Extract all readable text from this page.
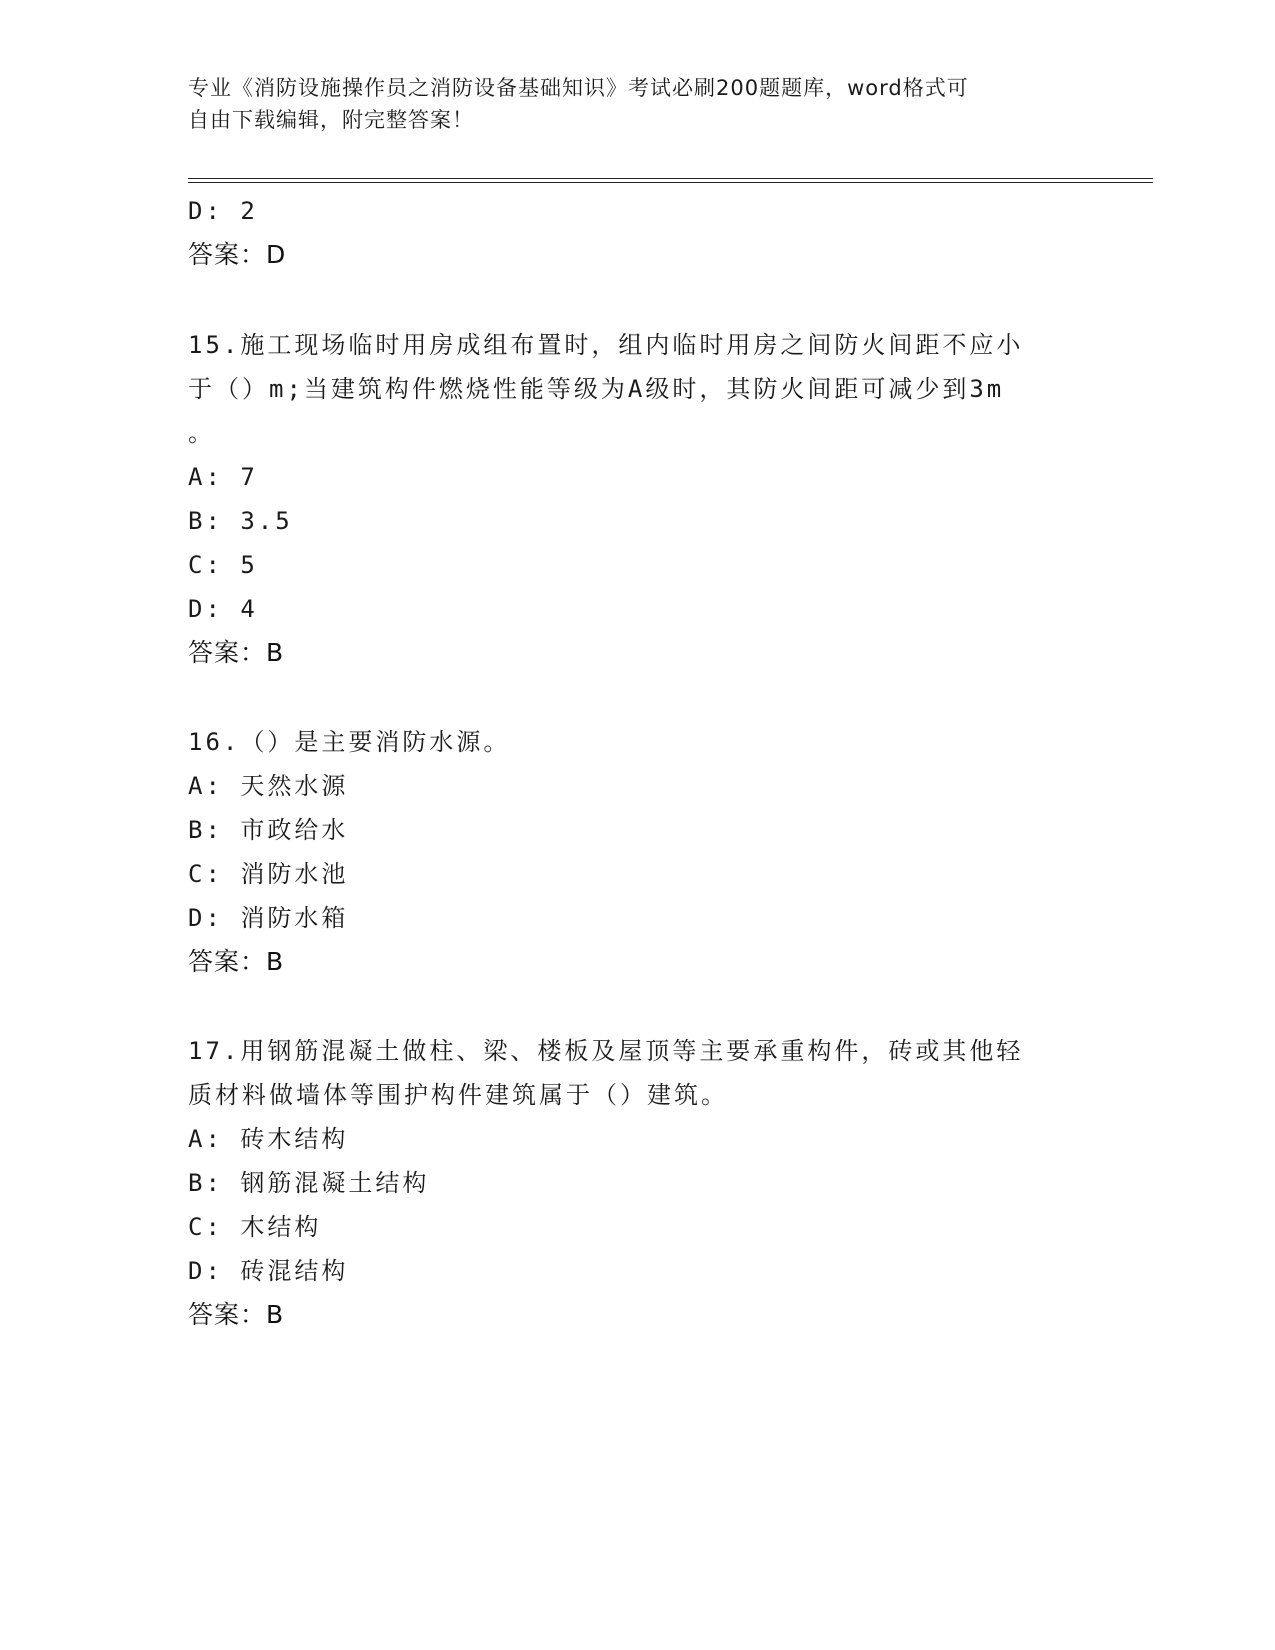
专业《消防设施操作员之消防设备基础知识》考试必刷200题题库，word格式可
自由下载编辑，附完整答案！
D: 2
答案：D
15.施工现场临时用房成组布置时，组内临时用房之间防火间距不应小
于（）m;当建筑构件燃烧性能等级为A级时，其防火间距可减少到3m
。
A: 7
B: 3.5
C: 5
D: 4
答案：B
16.（）是主要消防水源。
A: 天然水源
B: 市政给水
C: 消防水池
D: 消防水箱
答案：B
17.用钢筋混凝土做柱、梁、楼板及屋顶等主要承重构件，砖或其他轻
质材料做墙体等围护构件建筑属于（）建筑。
A: 砖木结构
B: 钢筋混凝土结构
C: 木结构
D: 砖混结构
答案：B
